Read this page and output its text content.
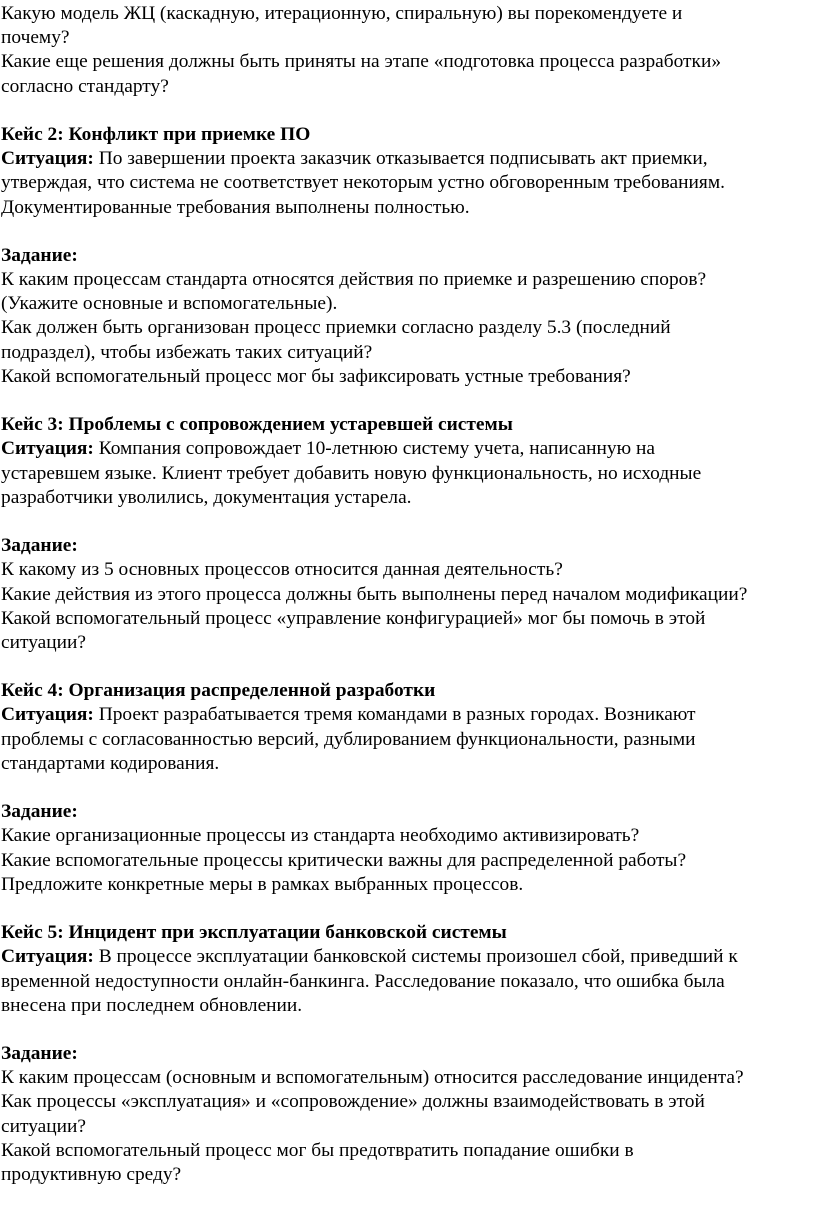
Какую модель ЖЦ (каскадную, итерационную, спиральную) вы порекомендуете и
почему?
Какие еще решения должны быть приняты на этапе «подготовка процесса разработки»
согласно стандарту?
Кейс 2: Конфликт при приемке ПО
Ситуация: По завершении проекта заказчик отказывается подписывать акт приемки,
утверждая, что система не соответствует некоторым устно обговоренным требованиям.
Документированные требования выполнены полностью.
Задание:
К каким процессам стандарта относятся действия по приемке и разрешению споров?
(Укажите основные и вспомогательные).
Как должен быть организован процесс приемки согласно разделу 5.3 (последний
подраздел), чтобы избежать таких ситуаций?
Какой вспомогательный процесс мог бы зафиксировать устные требования?
Кейс 3: Проблемы с сопровождением устаревшей системы
Ситуация: Компания сопровождает 10-летнюю систему учета, написанную на
устаревшем языке. Клиент требует добавить новую функциональность, но исходные
разработчики уволились, документация устарела.
Задание:
К какому из 5 основных процессов относится данная деятельность?
Какие действия из этого процесса должны быть выполнены перед началом модификации?
Какой вспомогательный процесс «управление конфигурацией» мог бы помочь в этой
ситуации?
Кейс 4: Организация распределенной разработки
Ситуация: Проект разрабатывается тремя командами в разных городах. Возникают
проблемы с согласованностью версий, дублированием функциональности, разными
стандартами кодирования.
Задание:
Какие организационные процессы из стандарта необходимо активизировать?
Какие вспомогательные процессы критически важны для распределенной работы?
Предложите конкретные меры в рамках выбранных процессов.
Кейс 5: Инцидент при эксплуатации банковской системы
Ситуация: В процессе эксплуатации банковской системы произошел сбой, приведший к
временной недоступности онлайн-банкинга. Расследование показало, что ошибка была
внесена при последнем обновлении.
Задание:
К каким процессам (основным и вспомогательным) относится расследование инцидента?
Как процессы «эксплуатация» и «сопровождение» должны взаимодействовать в этой
ситуации?
Какой вспомогательный процесс мог бы предотвратить попадание ошибки в
продуктивную среду?
